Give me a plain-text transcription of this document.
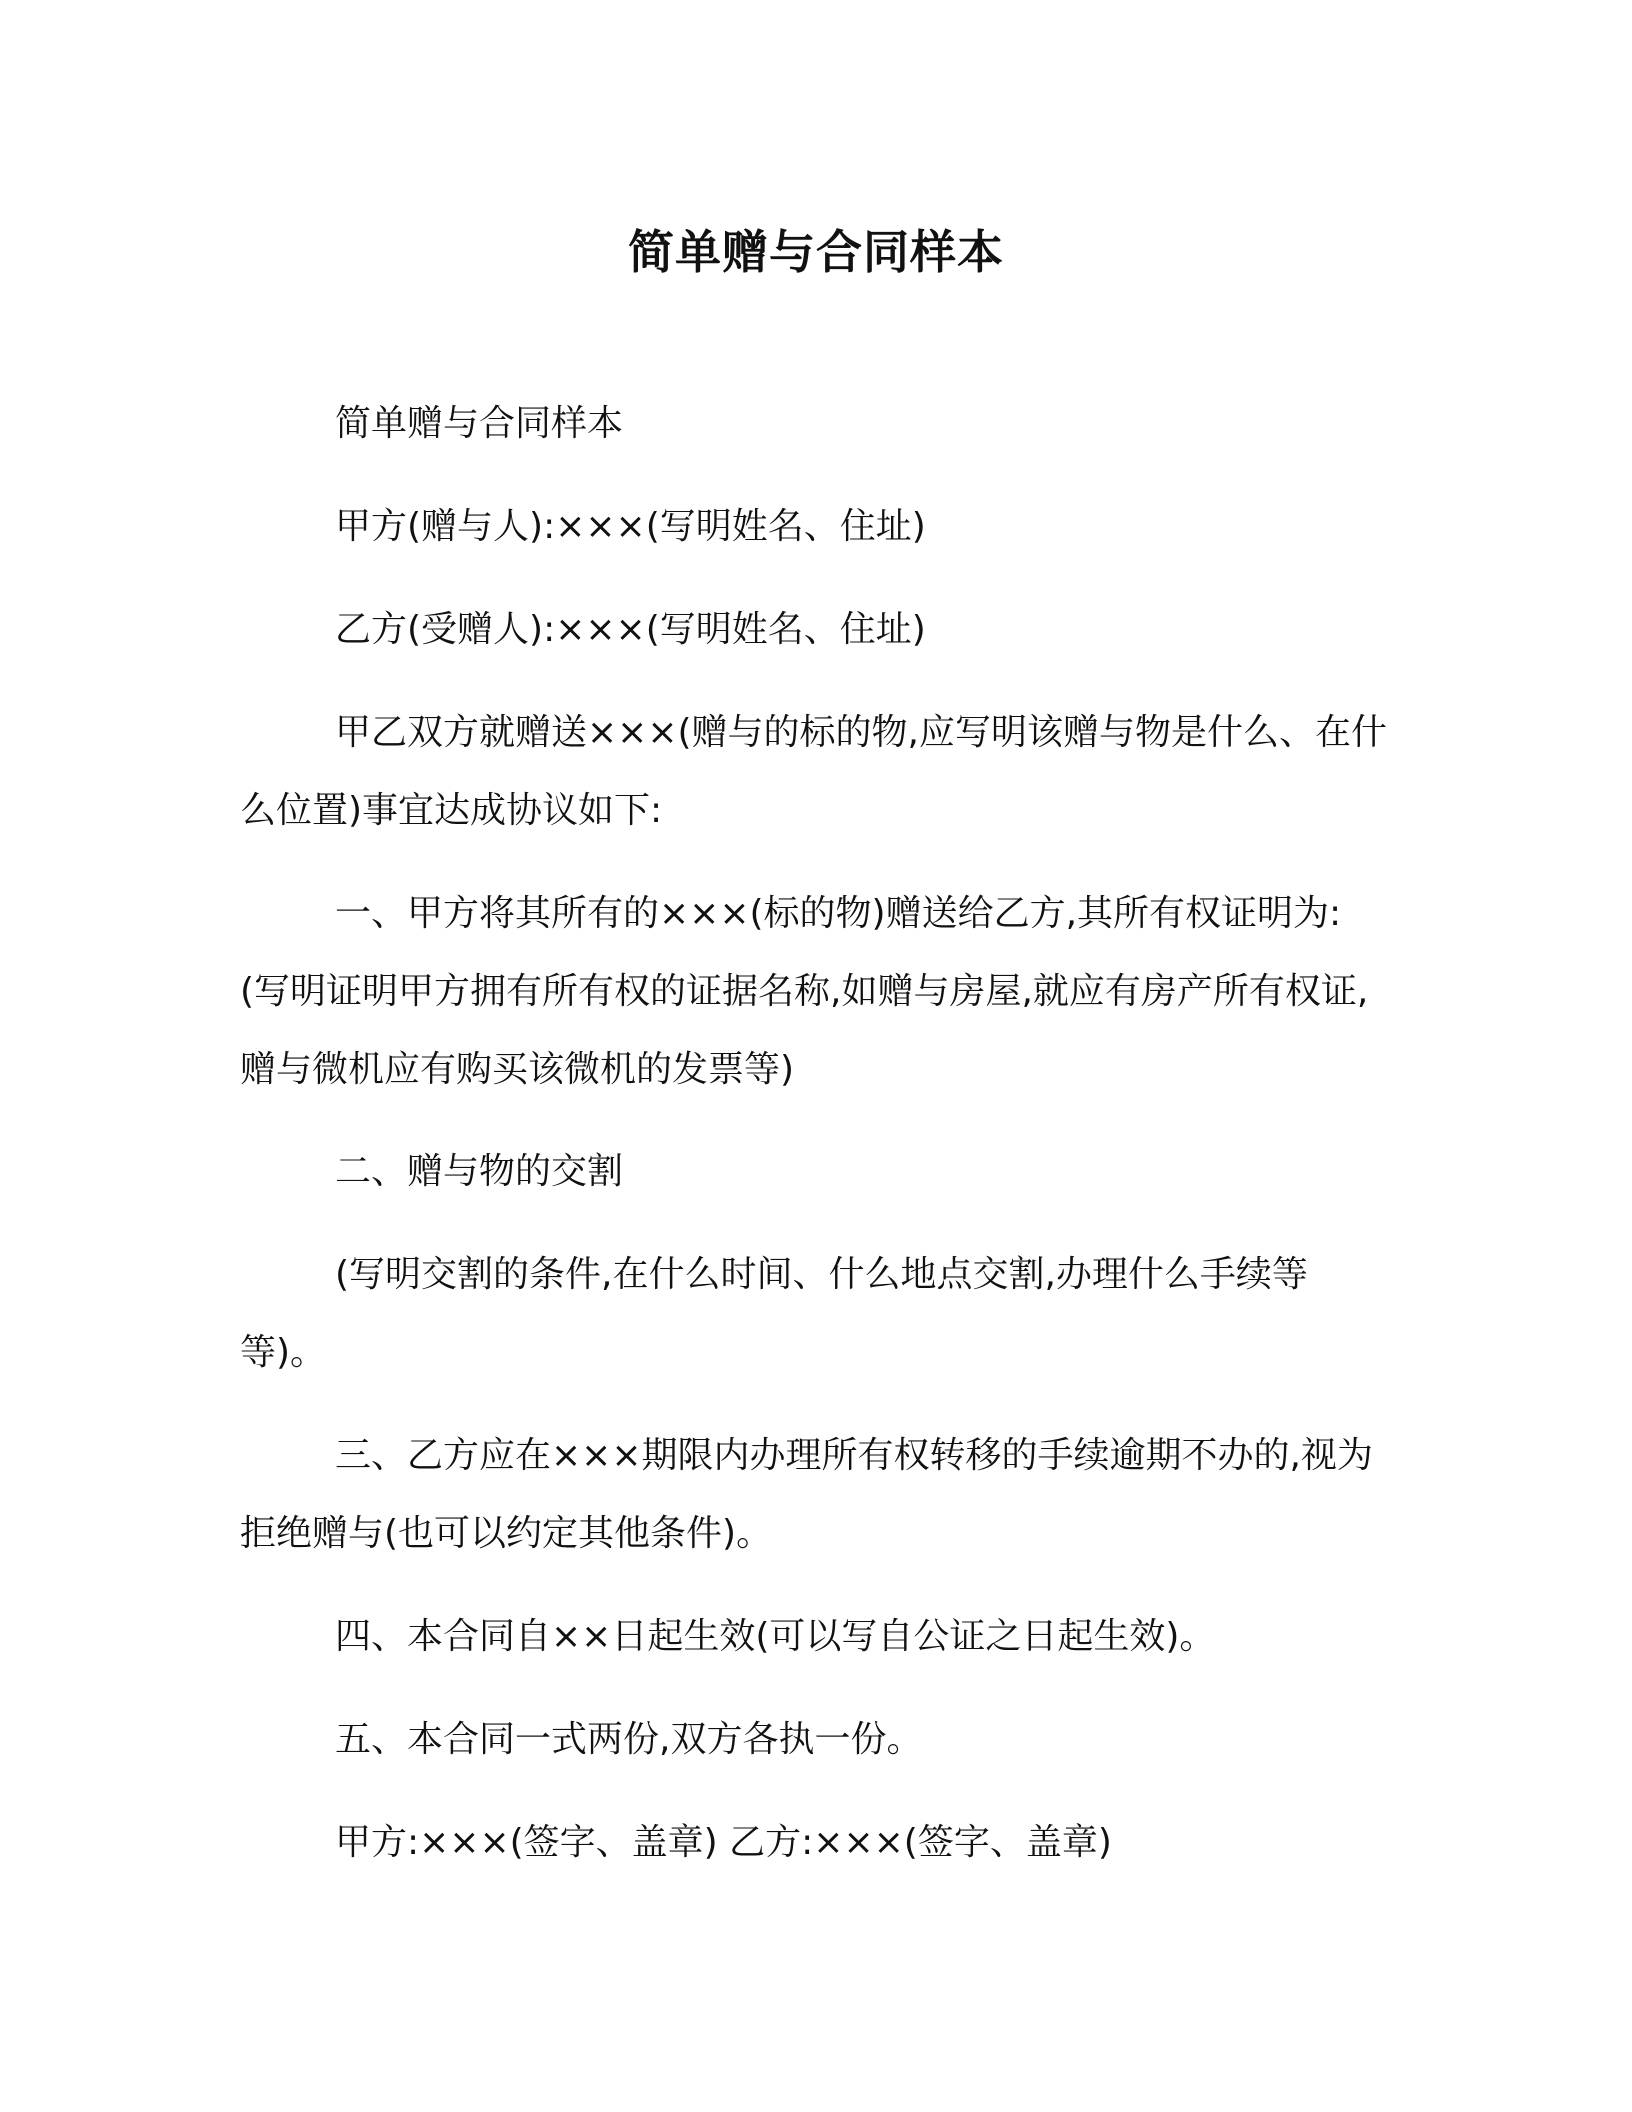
简单赠与合同样本

简单赠与合同样本

甲方(赠与人):×××(写明姓名、住址)

乙方(受赠人):×××(写明姓名、住址)

甲乙双方就赠送×××(赠与的标的物,应写明该赠与物是什么、在什么位置)事宜达成协议如下:

一、甲方将其所有的×××(标的物)赠送给乙方,其所有权证明为:(写明证明甲方拥有所有权的证据名称,如赠与房屋,就应有房产所有权证,赠与微机应有购买该微机的发票等)

二、赠与物的交割

(写明交割的条件,在什么时间、什么地点交割,办理什么手续等等)。

三、乙方应在×××期限内办理所有权转移的手续逾期不办的,视为拒绝赠与(也可以约定其他条件)。

四、本合同自××日起生效(可以写自公证之日起生效)。

五、本合同一式两份,双方各执一份。

甲方:×××(签字、盖章) 乙方:×××(签字、盖章)
